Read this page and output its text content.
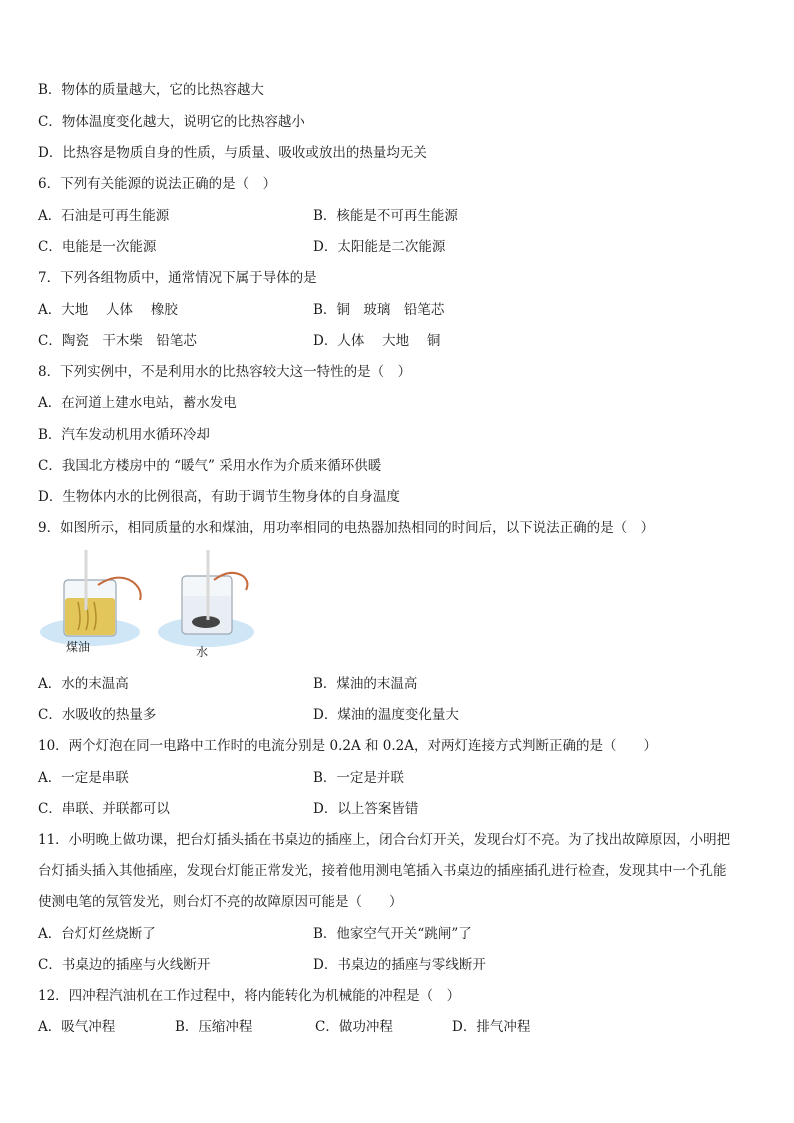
B．物体的质量越大，它的比热容越大
C．物体温度变化越大，说明它的比热容越小
D．比热容是物质自身的性质，与质量、吸收或放出的热量均无关
6．下列有关能源的说法正确的是（　）
A．石油是可再生能源	B．核能是不可再生能源
C．电能是一次能源	D．太阳能是二次能源
7．下列各组物质中，通常情况下属于导体的是
A．大地　 人体　 橡胶	B．铜　玻璃　铅笔芯
C．陶瓷　干木柴　铅笔芯	D．人体　 大地　 铜
8．下列实例中，不是利用水的比热容较大这一特性的是（　）
A．在河道上建水电站，蓄水发电
B．汽车发动机用水循环冷却
C．我国北方楼房中的 “暖气” 采用水作为介质来循环供暖
D．生物体内水的比例很高，有助于调节生物身体的自身温度
9．如图所示，相同质量的水和煤油，用功率相同的电热器加热相同的时间后，以下说法正确的是（　）
煤油	水
A．水的末温高	B．煤油的末温高
C．水吸收的热量多	D．煤油的温度变化量大
10．两个灯泡在同一电路中工作时的电流分别是 0.2A 和 0.2A，对两灯连接方式判断正确的是（　　）
A．一定是串联	B．一定是并联
C．串联、并联都可以	D．以上答案皆错
11．小明晚上做功课，把台灯插头插在书桌边的插座上，闭合台灯开关，发现台灯不亮。为了找出故障原因，小明把
台灯插头插入其他插座，发现台灯能正常发光，接着他用测电笔插入书桌边的插座插孔进行检查，发现其中一个孔能
使测电笔的氖管发光，则台灯不亮的故障原因可能是（　　）
A．台灯灯丝烧断了	B．他家空气开关“跳闸”了
C．书桌边的插座与火线断开	D．书桌边的插座与零线断开
12．四冲程汽油机在工作过程中，将内能转化为机械能的冲程是（　）
A．吸气冲程	B．压缩冲程	C．做功冲程	D．排气冲程
